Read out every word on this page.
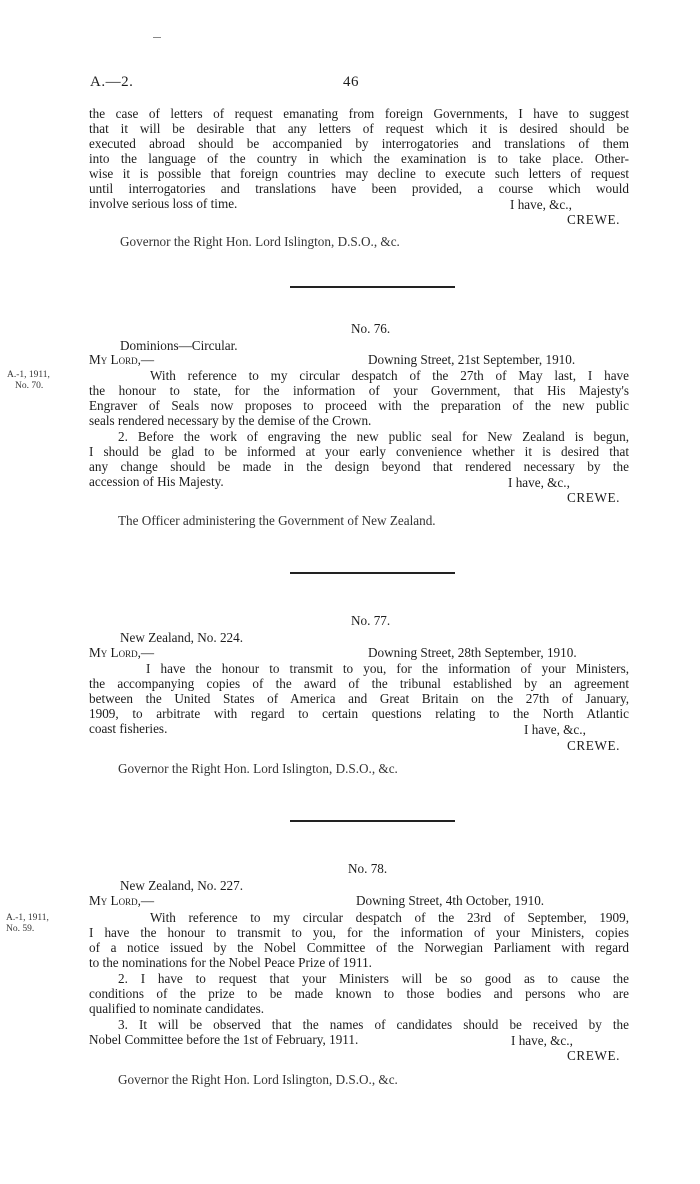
A.—2.	46
the case of letters of request emanating from foreign Governments, I have to suggest
that it will be desirable that any letters of request which it is desired should be
executed abroad should be accompanied by interrogatories and translations of them
into the language of the country in which the examination is to take place. Other-
wise it is possible that foreign countries may decline to execute such letters of request
until interrogatories and translations have been provided, a course which would
involve serious loss of time.	I have, &c.,
CREWE.
Governor the Right Hon. Lord Islington, D.S.O., &c.
No. 76.
Dominions—Circular.
My Lord,—	Downing Street, 21st September, 1910.
A.-1, 1911,
No. 70.
With reference to my circular despatch of the 27th of May last, I have
the honour to state, for the information of your Government, that His Majesty's
Engraver of Seals now proposes to proceed with the preparation of the new public
seals rendered necessary by the demise of the Crown.
2. Before the work of engraving the new public seal for New Zealand is begun,
I should be glad to be informed at your early convenience whether it is desired that
any change should be made in the design beyond that rendered necessary by the
accession of His Majesty.	I have, &c.,
CREWE.
The Officer administering the Government of New Zealand.
No. 77.
New Zealand, No. 224.
My Lord,—	Downing Street, 28th September, 1910.
I have the honour to transmit to you, for the information of your Ministers,
the accompanying copies of the award of the tribunal established by an agreement
between the United States of America and Great Britain on the 27th of January,
1909, to arbitrate with regard to certain questions relating to the North Atlantic
coast fisheries.	I have, &c.,
CREWE.
Governor the Right Hon. Lord Islington, D.S.O., &c.
No. 78.
New Zealand, No. 227.
My Lord,—	Downing Street, 4th October, 1910.
A.-1, 1911,
No. 59.
With reference to my circular despatch of the 23rd of September, 1909,
I have the honour to transmit to you, for the information of your Ministers, copies
of a notice issued by the Nobel Committee of the Norwegian Parliament with regard
to the nominations for the Nobel Peace Prize of 1911.
2. I have to request that your Ministers will be so good as to cause the
conditions of the prize to be made known to those bodies and persons who are
qualified to nominate candidates.
3. It will be observed that the names of candidates should be received by the
Nobel Committee before the 1st of February, 1911.	I have, &c.,
CREWE.
Governor the Right Hon. Lord Islington, D.S.O., &c.
